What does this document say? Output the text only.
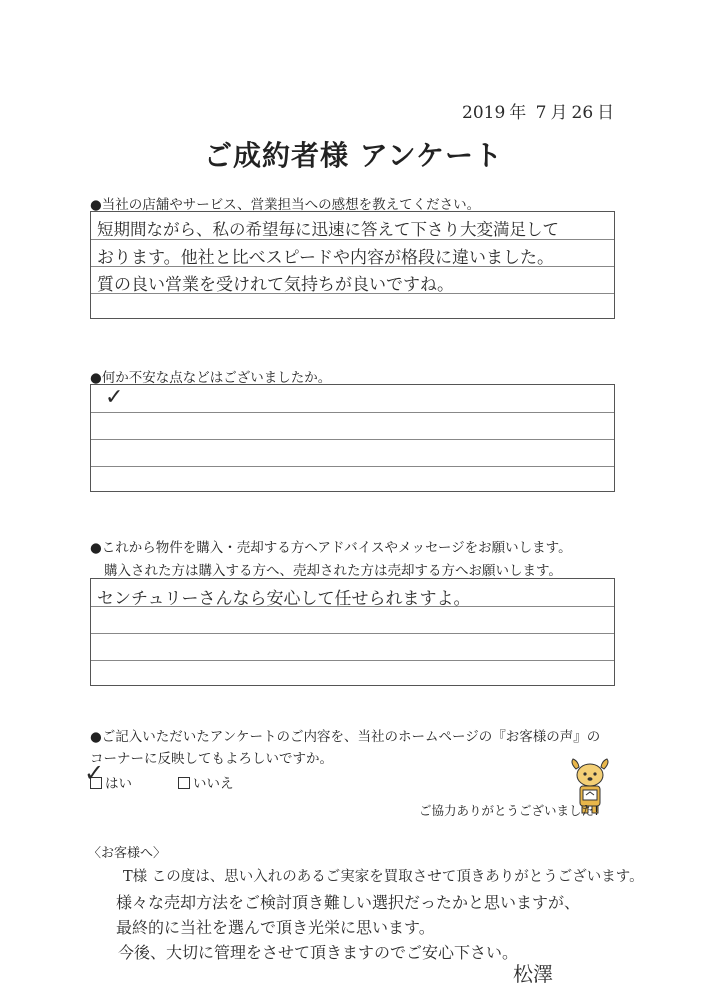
2019 年 7 月 26 日
ご成約者様 アンケート
●当社の店舗やサービス、営業担当への感想を教えてください。
短期間ながら、私の希望毎に迅速に答えて下さり大変満足して
おります。他社と比べスピードや内容が格段に違いました。
質の良い営業を受けれて気持ちが良いですね。
●何か不安な点などはございましたか。
✓
●これから物件を購入・売却する方へアドバイスやメッセージをお願いします。
購入された方は購入する方へ、売却された方は売却する方へお願いします。
センチュリーさんなら安心して任せられますよ。
●ご記入いただいたアンケートのご内容を、当社のホームページの『お客様の声』の
コーナーに反映してもよろしいですか。
はい
✓	いいえ
ご協力ありがとうございました!
〈お客様へ〉
T様 この度は、思い入れのあるご実家を買取させて頂きありがとうございます。
様々な売却方法をご検討頂き難しい選択だったかと思いますが、
最終的に当社を選んで頂き光栄に思います。
今後、大切に管理をさせて頂きますのでご安心下さい。
松澤
